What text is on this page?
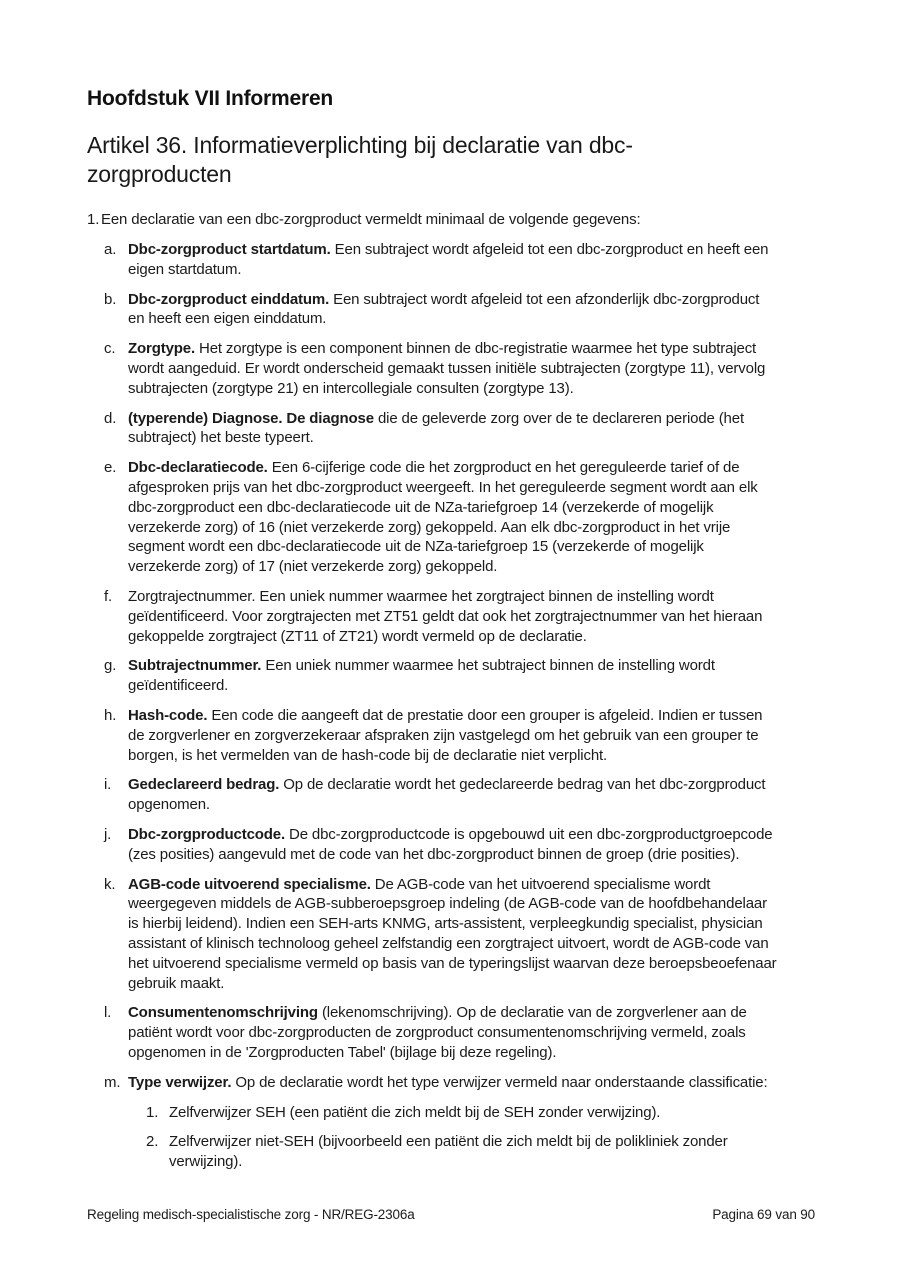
Hoofdstuk VII Informeren
Artikel 36. Informatieverplichting bij declaratie van dbc-zorgproducten
1. Een declaratie van een dbc-zorgproduct vermeldt minimaal de volgende gegevens:
a. Dbc-zorgproduct startdatum. Een subtraject wordt afgeleid tot een dbc-zorgproduct en heeft een eigen startdatum.
b. Dbc-zorgproduct einddatum. Een subtraject wordt afgeleid tot een afzonderlijk dbc-zorgproduct en heeft een eigen einddatum.
c. Zorgtype. Het zorgtype is een component binnen de dbc-registratie waarmee het type subtraject wordt aangeduid. Er wordt onderscheid gemaakt tussen initiële subtrajecten (zorgtype 11), vervolg subtrajecten (zorgtype 21) en intercollegiale consulten (zorgtype 13).
d. (typerende) Diagnose. De diagnose die de geleverde zorg over de te declareren periode (het subtraject) het beste typeert.
e. Dbc-declaratiecode. Een 6-cijferige code die het zorgproduct en het gereguleerde tarief of de afgesproken prijs van het dbc-zorgproduct weergeeft. In het gereguleerde segment wordt aan elk dbc-zorgproduct een dbc-declaratiecode uit de NZa-tariefgroep 14 (verzekerde of mogelijk verzekerde zorg) of 16 (niet verzekerde zorg) gekoppeld. Aan elk dbc-zorgproduct in het vrije segment wordt een dbc-declaratiecode uit de NZa-tariefgroep 15 (verzekerde of mogelijk verzekerde zorg) of 17 (niet verzekerde zorg) gekoppeld.
f.	Zorgtrajectnummer. Een uniek nummer waarmee het zorgtraject binnen de instelling wordt geïdentificeerd. Voor zorgtrajecten met ZT51 geldt dat ook het zorgtrajectnummer van het hieraan gekoppelde zorgtraject (ZT11 of ZT21) wordt vermeld op de declaratie.
g. Subtrajectnummer. Een uniek nummer waarmee het subtraject binnen de instelling wordt geïdentificeerd.
h. Hash-code. Een code die aangeeft dat de prestatie door een grouper is afgeleid. Indien er tussen de zorgverlener en zorgverzekeraar afspraken zijn vastgelegd om het gebruik van een grouper te borgen, is het vermelden van de hash-code bij de declaratie niet verplicht.
i.	Gedeclareerd bedrag. Op de declaratie wordt het gedeclareerde bedrag van het dbc-zorgproduct opgenomen.
j.	Dbc-zorgproductcode. De dbc-zorgproductcode is opgebouwd uit een dbc-zorgproductgroepcode (zes posities) aangevuld met de code van het dbc-zorgproduct binnen de groep (drie posities).
k. AGB-code uitvoerend specialisme. De AGB-code van het uitvoerend specialisme wordt weergegeven middels de AGB-subberoepsgroep indeling (de AGB-code van de hoofdbehandelaar is hierbij leidend). Indien een SEH-arts KNMG, arts-assistent, verpleegkundig specialist, physician assistant of klinisch technoloog geheel zelfstandig een zorgtraject uitvoert, wordt de AGB-code van het uitvoerend specialisme vermeld op basis van de typeringslijst waarvan deze beroepsbeoefenaar gebruik maakt.
l.	Consumentenomschrijving (lekenomschrijving). Op de declaratie van de zorgverlener aan de patiënt wordt voor dbc-zorgproducten de zorgproduct consumentenomschrijving vermeld, zoals opgenomen in de 'Zorgproducten Tabel' (bijlage bij deze regeling).
m. Type verwijzer. Op de declaratie wordt het type verwijzer vermeld naar onderstaande classificatie:
1. Zelfverwijzer SEH (een patiënt die zich meldt bij de SEH zonder verwijzing).
2. Zelfverwijzer niet-SEH (bijvoorbeeld een patiënt die zich meldt bij de polikliniek zonder verwijzing).
Regeling medisch-specialistische zorg - NR/REG-2306a	Pagina 69 van 90
